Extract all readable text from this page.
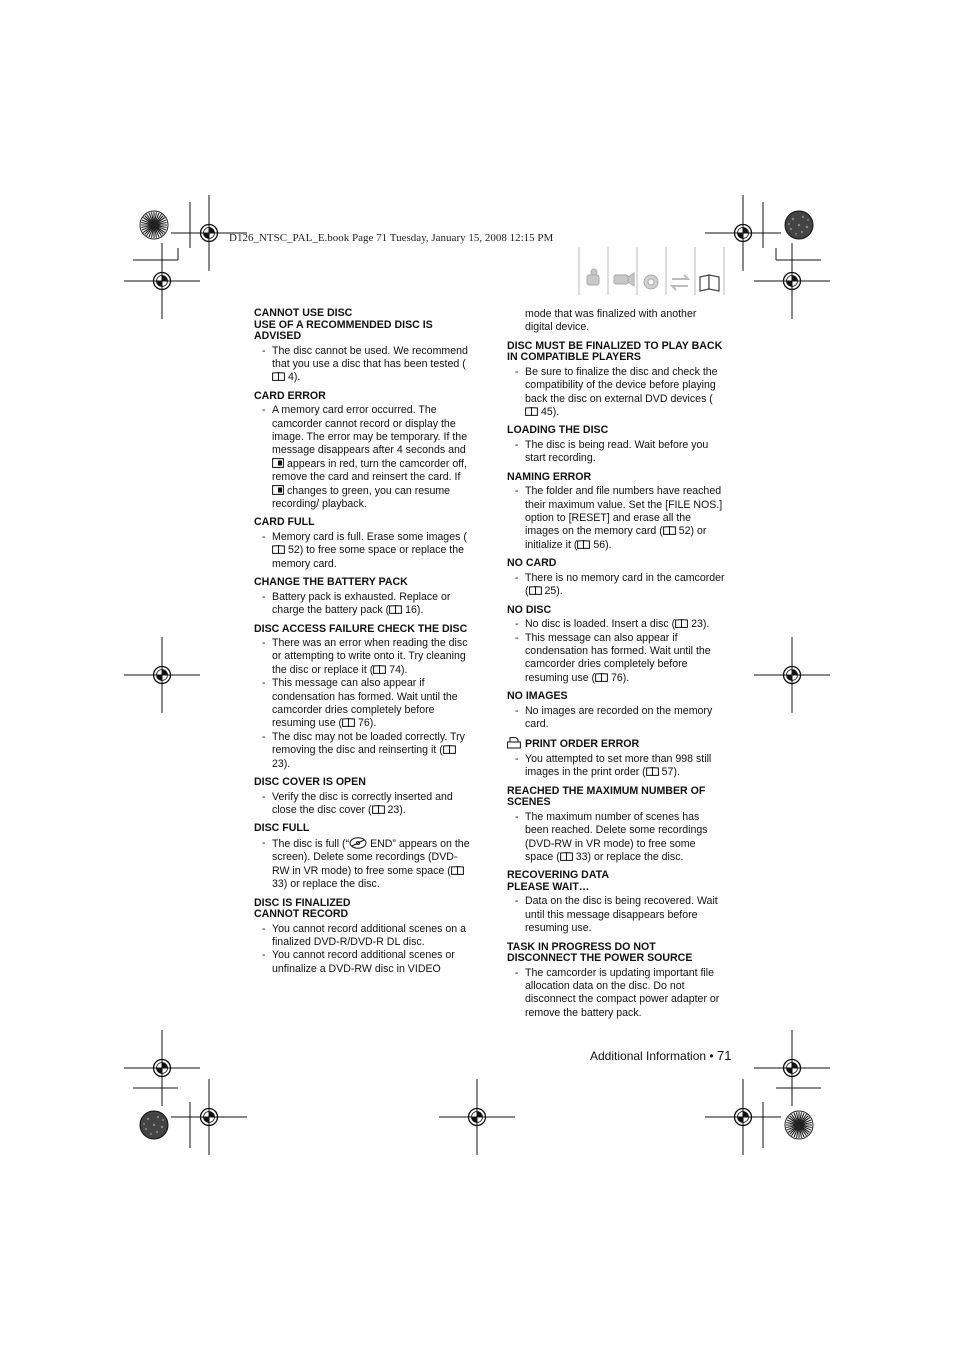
D126_NTSC_PAL_E.book Page 71 Tuesday, January 15, 2008 12:15 PM
CANNOT USE DISC
USE OF A RECOMMENDED DISC IS ADVISED
- The disc cannot be used. We recommend that you use a disc that has been tested ( 4).
CARD ERROR
- A memory card error occurred. The camcorder cannot record or display the image. The error may be temporary. If the message disappears after 4 seconds and  appears in red, turn the camcorder off, remove the card and reinsert the card. If  changes to green, you can resume recording/ playback.
CARD FULL
- Memory card is full. Erase some images ( 52) to free some space or replace the memory card.
CHANGE THE BATTERY PACK
- Battery pack is exhausted. Replace or charge the battery pack ( 16).
DISC ACCESS FAILURE CHECK THE DISC
- There was an error when reading the disc or attempting to write onto it. Try cleaning the disc or replace it ( 74).
- This message can also appear if condensation has formed. Wait until the camcorder dries completely before resuming use ( 76).
- The disc may not be loaded correctly. Try removing the disc and reinserting it ( 23).
DISC COVER IS OPEN
- Verify the disc is correctly inserted and close the disc cover ( 23).
DISC FULL
- The disc is full (“ END” appears on the screen). Delete some recordings (DVD-RW in VR mode) to free some space ( 33) or replace the disc.
DISC IS FINALIZED
CANNOT RECORD
- You cannot record additional scenes on a finalized DVD-R/DVD-R DL disc.
- You cannot record additional scenes or unfinalize a DVD-RW disc in VIDEO
mode that was finalized with another digital device.
DISC MUST BE FINALIZED TO PLAY BACK IN COMPATIBLE PLAYERS
- Be sure to finalize the disc and check the compatibility of the device before playing back the disc on external DVD devices ( 45).
LOADING THE DISC
- The disc is being read. Wait before you start recording.
NAMING ERROR
- The folder and file numbers have reached their maximum value. Set the [FILE NOS.] option to [RESET] and erase all the images on the memory card ( 52) or initialize it ( 56).
NO CARD
- There is no memory card in the camcorder ( 25).
NO DISC
- No disc is loaded. Insert a disc ( 23).
- This message can also appear if condensation has formed. Wait until the camcorder dries completely before resuming use ( 76).
NO IMAGES
- No images are recorded on the memory card.
PRINT ORDER ERROR
- You attempted to set more than 998 still images in the print order ( 57).
REACHED THE MAXIMUM NUMBER OF SCENES
- The maximum number of scenes has been reached. Delete some recordings (DVD-RW in VR mode) to free some space ( 33) or replace the disc.
RECOVERING DATA
PLEASE WAIT…
- Data on the disc is being recovered. Wait until this message disappears before resuming use.
TASK IN PROGRESS DO NOT DISCONNECT THE POWER SOURCE
- The camcorder is updating important file allocation data on the disc. Do not disconnect the compact power adapter or remove the battery pack.
Additional Information • 71
